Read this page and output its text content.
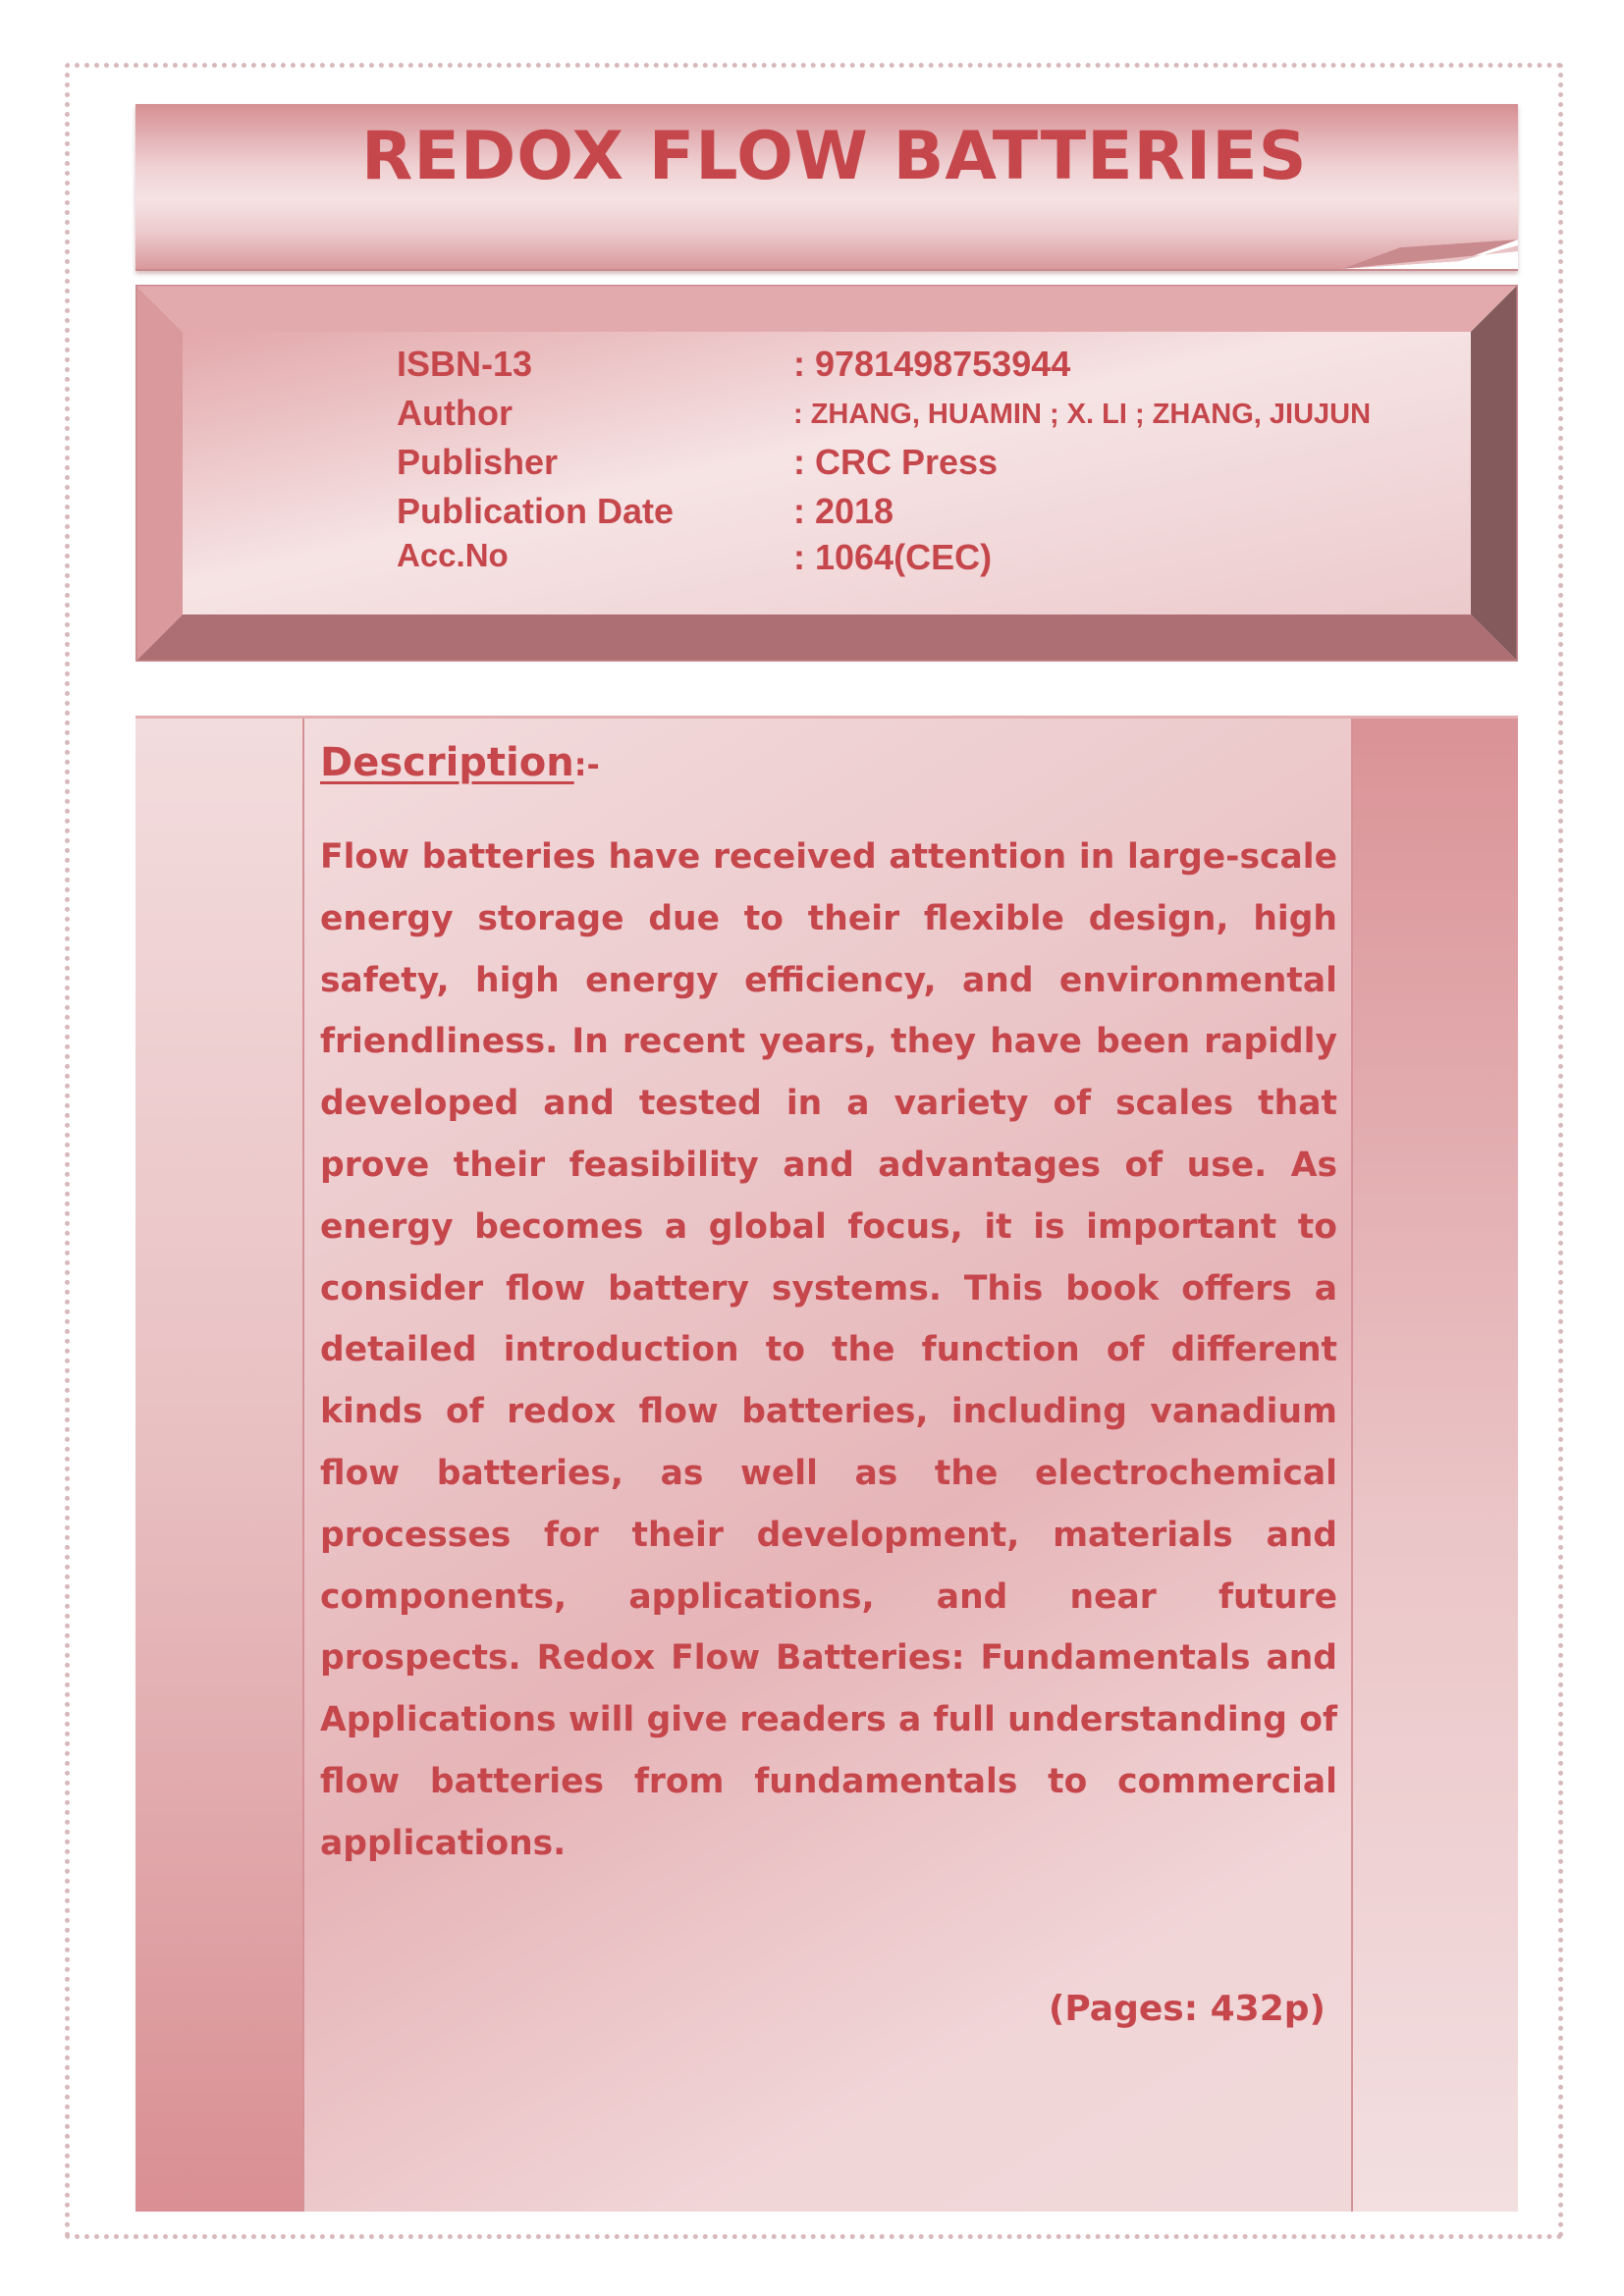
REDOX FLOW BATTERIES
ISBN-13	: 9781498753944
Author	: ZHANG, HUAMIN ; X. LI ; ZHANG, JIUJUN
Publisher	: CRC Press
Publication Date	: 2018
Acc.No	: 1064(CEC)
Description:-
Flow batteries have received attention in large-scale energy storage due to their flexible design, high safety, high energy efficiency, and environmental friendliness. In recent years, they have been rapidly developed and tested in a variety of scales that prove their feasibility and advantages of use. As energy becomes a global focus, it is important to consider flow battery systems. This book offers a detailed introduction to the function of different kinds of redox flow batteries, including vanadium flow batteries, as well as the electrochemical processes for their development, materials and components, applications, and near future prospects. Redox Flow Batteries: Fundamentals and Applications will give readers a full understanding of flow batteries from fundamentals to commercial applications.
(Pages: 432p)
